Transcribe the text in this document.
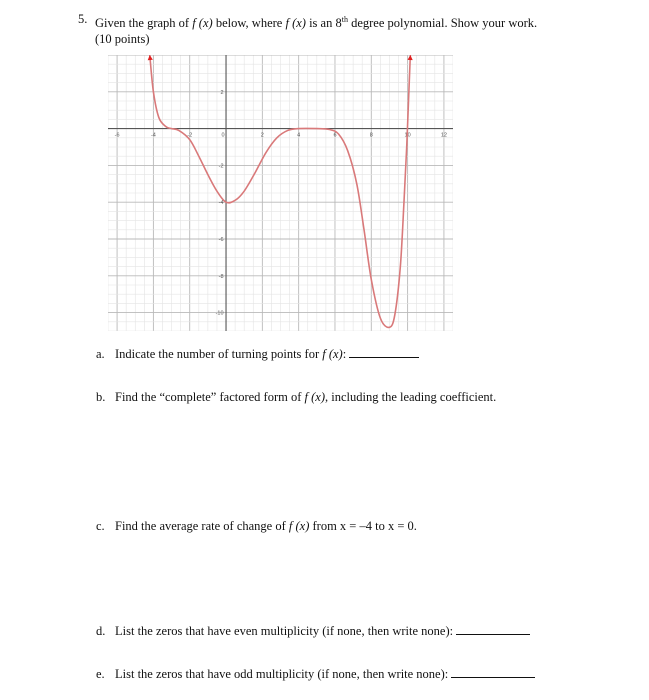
5. Given the graph of f (x) below, where f (x) is an 8th degree polynomial. Show your work.
(10 points)
-6	-4	-2	0	2	4	6	8	10	12
2
-2
-4
-6
-8
-10
a. Indicate the number of turning points for f (x):
b. Find the “complete” factored form of f (x), including the leading coefficient.
c. Find the average rate of change of f (x) from x = –4 to x = 0.
d. List the zeros that have even multiplicity (if none, then write none):
e. List the zeros that have odd multiplicity (if none, then write none):
